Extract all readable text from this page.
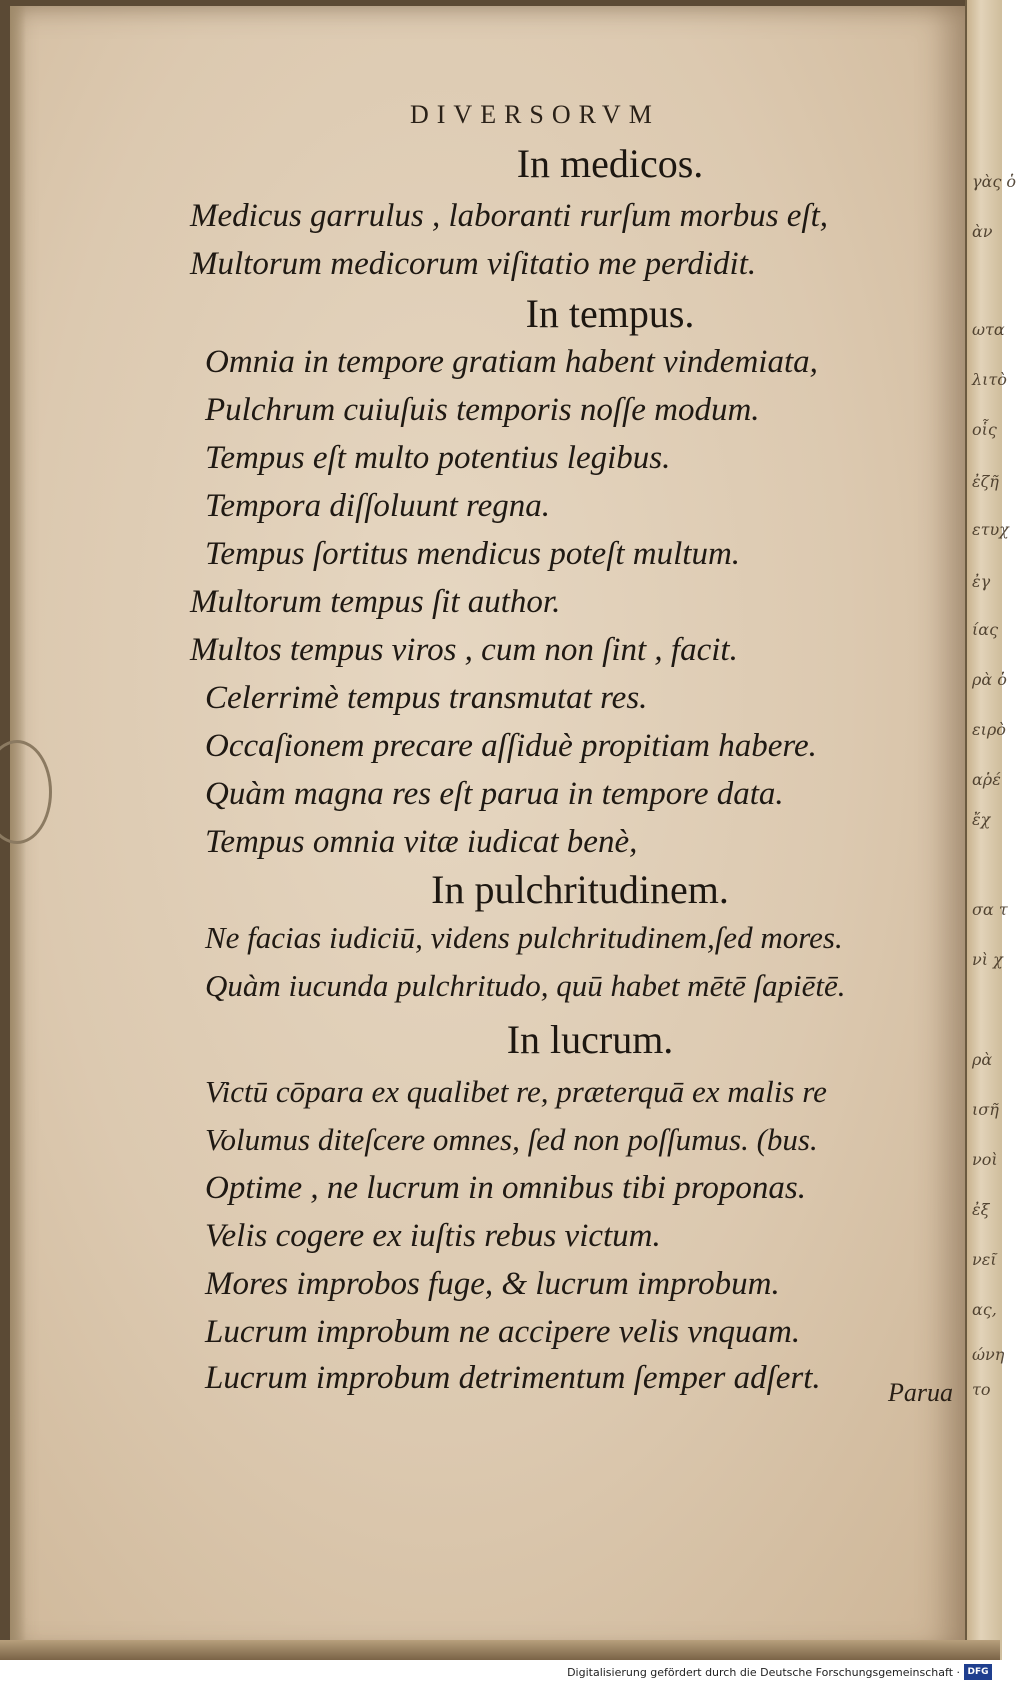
γὰς ὁ
ὰν
ωτα
λιτὸ
οἷς
ἐζῆ
ετυχ
ἐγ
ίας
ρὰ ὁ
ειρὸ
αῥέ
ἔχ
σα τ
νὶ χ
ρὰ
ισῆ
νοὶ
ἐξ
νεῖ
ας,
ώνη
το
DIVERSORVM
In medicos.
Medicus garrulus , laboranti rurſum morbus eſt,
Multorum medicorum viſitatio me perdidit.
In tempus.
Omnia in tempore gratiam habent vindemiata,
Pulchrum cuiuſuis temporis noſſe modum.
Tempus eſt multo potentius legibus.
Tempora diſſoluunt regna.
Tempus ſortitus mendicus poteſt multum.
Multorum tempus ſit author.
Multos tempus viros , cum non ſint , facit.
Celerrimè tempus transmutat res.
Occaſionem precare aſſiduè propitiam habere.
Quàm magna res eſt parua in tempore data.
Tempus omnia vitæ iudicat benè,
In pulchritudinem.
Ne facias iudiciū, videns pulchritudinem,ſed mores.
Quàm iucunda pulchritudo, quū habet mētē ſapiētē.
In lucrum.
Victū cōpara ex qualibet re, præterquā ex malis re
Volumus diteſcere omnes, ſed non poſſumus. (bus.
Optime , ne lucrum in omnibus tibi proponas.
Velis cogere ex iuſtis rebus victum.
Mores improbos fuge, & lucrum improbum.
Lucrum improbum ne accipere velis vnquam.
Lucrum improbum detrimentum ſemper adſert.	Parua
Digitalisierung gefördert durch die Deutsche Forschungsgemeinschaft · DFG
